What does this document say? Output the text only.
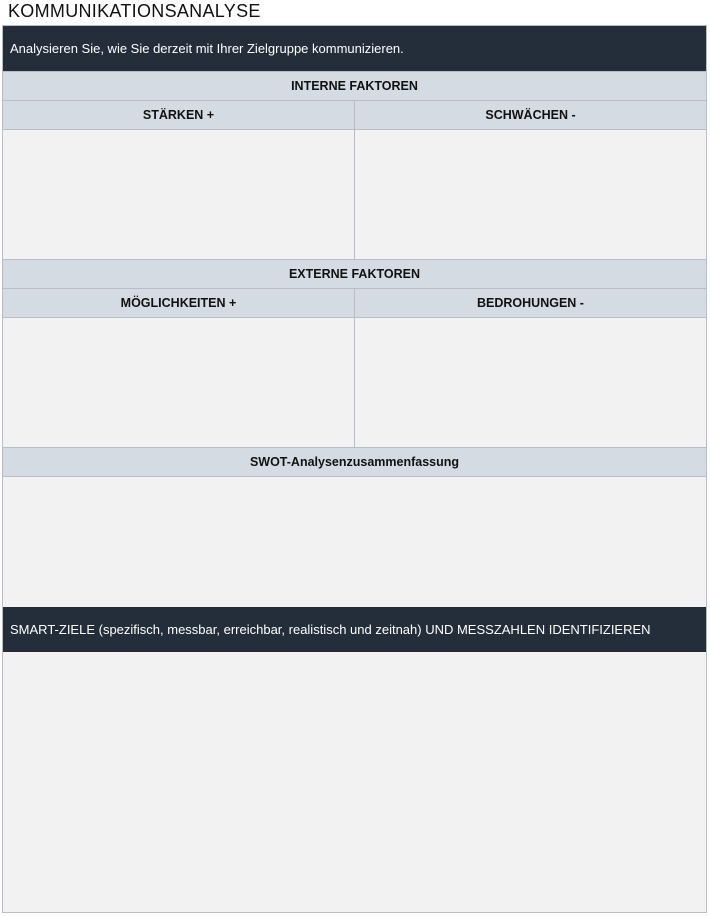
KOMMUNIKATIONSANALYSE
Analysieren Sie, wie Sie derzeit mit Ihrer Zielgruppe kommunizieren.
INTERNE FAKTOREN
STÄRKEN +	SCHWÄCHEN -
EXTERNE FAKTOREN
MÖGLICHKEITEN +	BEDROHUNGEN -
SWOT-Analysenzusammenfassung
SMART-ZIELE (spezifisch, messbar, erreichbar, realistisch und zeitnah) UND MESSZAHLEN IDENTIFIZIEREN
